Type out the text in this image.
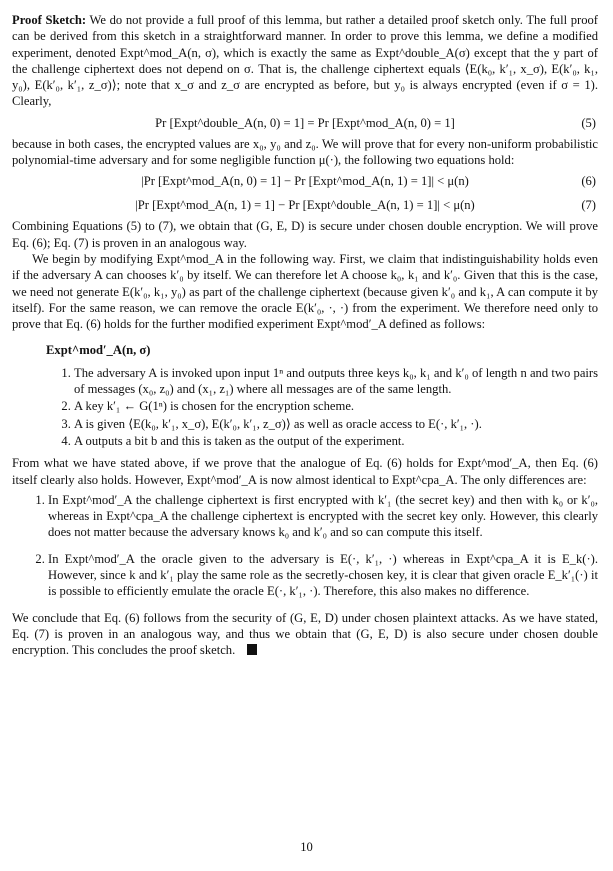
Proof Sketch: We do not provide a full proof of this lemma, but rather a detailed proof sketch only. The full proof can be derived from this sketch in a straightforward manner. In order to prove this lemma, we define a modified experiment, denoted Expt^mod_A(n, σ), which is exactly the same as Expt^double_A(σ) except that the y part of the challenge ciphertext does not depend on σ. That is, the challenge ciphertext equals ⟨E(k₀, k′₁, x_σ), E(k′₀, k₁, y₀), E(k′₀, k′₁, z_σ)⟩; note that x_σ and z_σ are encrypted as before, but y₀ is always encrypted (even if σ = 1). Clearly,

Pr [Expt^double_A(n, 0) = 1] = Pr [Expt^mod_A(n, 0) = 1]	(5)

because in both cases, the encrypted values are x₀, y₀ and z₀. We will prove that for every non-uniform probabilistic polynomial-time adversary and for some negligible function μ(·), the following two equations hold:

|Pr [Expt^mod_A(n, 0) = 1] − Pr [Expt^mod_A(n, 1) = 1]| < μ(n)	(6)
|Pr [Expt^mod_A(n, 1) = 1] − Pr [Expt^double_A(n, 1) = 1]| < μ(n)	(7)

Combining Equations (5) to (7), we obtain that (G, E, D) is secure under chosen double encryption. We will prove Eq. (6); Eq. (7) is proven in an analogous way.

We begin by modifying Expt^mod_A in the following way. First, we claim that indistinguishability holds even if the adversary A can chooses k′₀ by itself. We can therefore let A choose k₀, k₁ and k′₀. Given that this is the case, we need not generate E(k′₀, k₁, y₀) as part of the challenge ciphertext (because given k′₀ and k₁, A can compute it by itself). For the same reason, we can remove the oracle E(k′₀, ·, ·) from the experiment. We therefore need only to prove that Eq. (6) holds for the further modified experiment Expt^mod′_A defined as follows:

Expt^mod′_A(n, σ)
1. The adversary A is invoked upon input 1ⁿ and outputs three keys k₀, k₁ and k′₀ of length n and two pairs of messages (x₀, z₀) and (x₁, z₁) where all messages are of the same length.
2. A key k′₁ ← G(1ⁿ) is chosen for the encryption scheme.
3. A is given ⟨E(k₀, k′₁, x_σ), E(k′₀, k′₁, z_σ)⟩ as well as oracle access to E(·, k′₁, ·).
4. A outputs a bit b and this is taken as the output of the experiment.

From what we have stated above, if we prove that the analogue of Eq. (6) holds for Expt^mod′_A, then Eq. (6) itself clearly also holds. However, Expt^mod′_A is now almost identical to Expt^cpa_A. The only differences are:

1. In Expt^mod′_A the challenge ciphertext is first encrypted with k′₁ (the secret key) and then with k₀ or k′₀, whereas in Expt^cpa_A the challenge ciphertext is encrypted with the secret key only. However, this clearly does not matter because the adversary knows k₀ and k′₀ and so can compute this itself.
2. In Expt^mod′_A the oracle given to the adversary is E(·, k′₁, ·) whereas in Expt^cpa_A it is E_k(·). However, since k and k′₁ play the same role as the secretly-chosen key, it is clear that given oracle E_k′₁(·) it is possible to efficiently emulate the oracle E(·, k′₁, ·). Therefore, this also makes no difference.

We conclude that Eq. (6) follows from the security of (G, E, D) under chosen plaintext attacks. As we have stated, Eq. (7) is proven in an analogous way, and thus we obtain that (G, E, D) is also secure under chosen double encryption. This concludes the proof sketch.

10
